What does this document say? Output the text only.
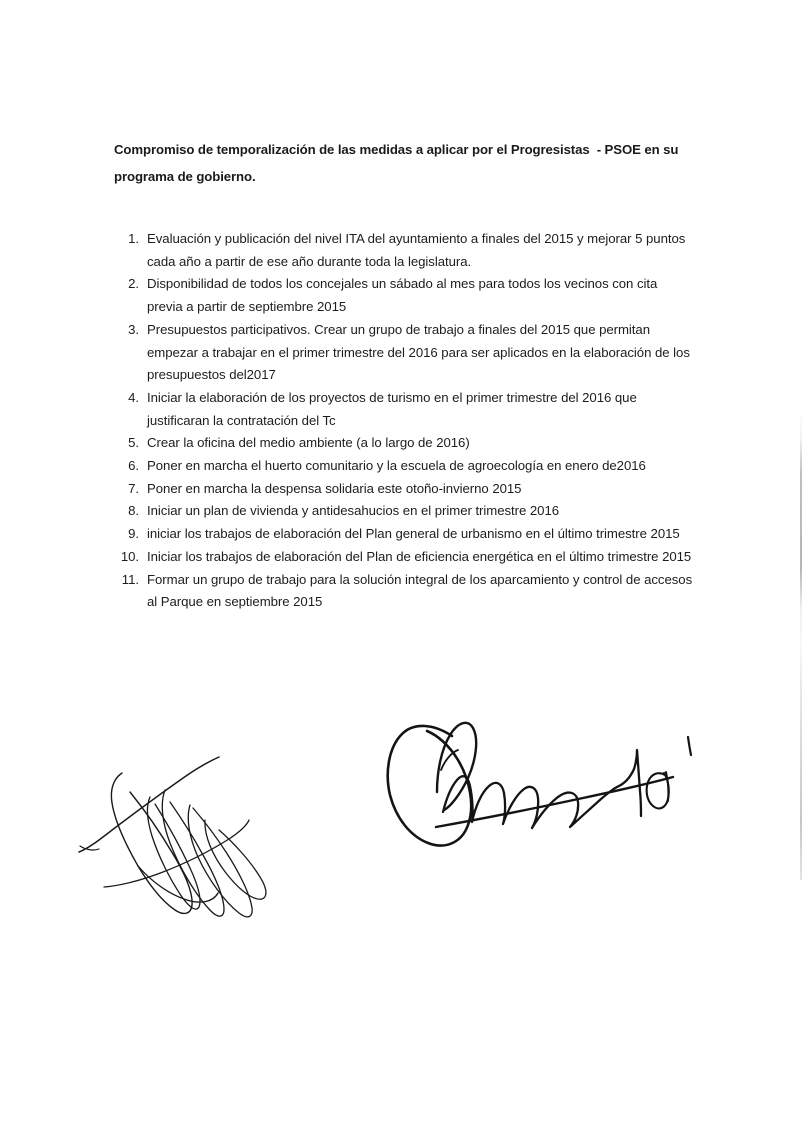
Compromiso de temporalización de las medidas a aplicar por el Progresistas  - PSOE en su programa de gobierno.
1. Evaluación y publicación del nivel ITA del ayuntamiento a finales del 2015 y mejorar 5 puntos cada año a partir de ese año durante toda la legislatura.
2. Disponibilidad de todos los concejales un sábado al mes para todos los vecinos con cita previa a partir de septiembre 2015
3. Presupuestos participativos. Crear un grupo de trabajo a finales del 2015 que permitan empezar a trabajar en el primer trimestre del 2016 para ser aplicados en la elaboración de los presupuestos del2017
4. Iniciar la elaboración de los proyectos de turismo en el primer trimestre del 2016 que justificaran la contratación del Tc
5. Crear la oficina del medio ambiente (a lo largo de 2016)
6. Poner en marcha el huerto comunitario y la escuela de agroecología en enero de2016
7. Poner en marcha la despensa solidaria este otoño-invierno 2015
8. Iniciar un plan de vivienda y antidesahucios en el primer trimestre 2016
9. iniciar los trabajos de elaboración del Plan general de urbanismo en el último trimestre 2015
10. Iniciar los trabajos de elaboración del Plan de eficiencia energética en el último trimestre 2015
11. Formar un grupo de trabajo para la solución integral de los aparcamiento y control de accesos al Parque en septiembre 2015
